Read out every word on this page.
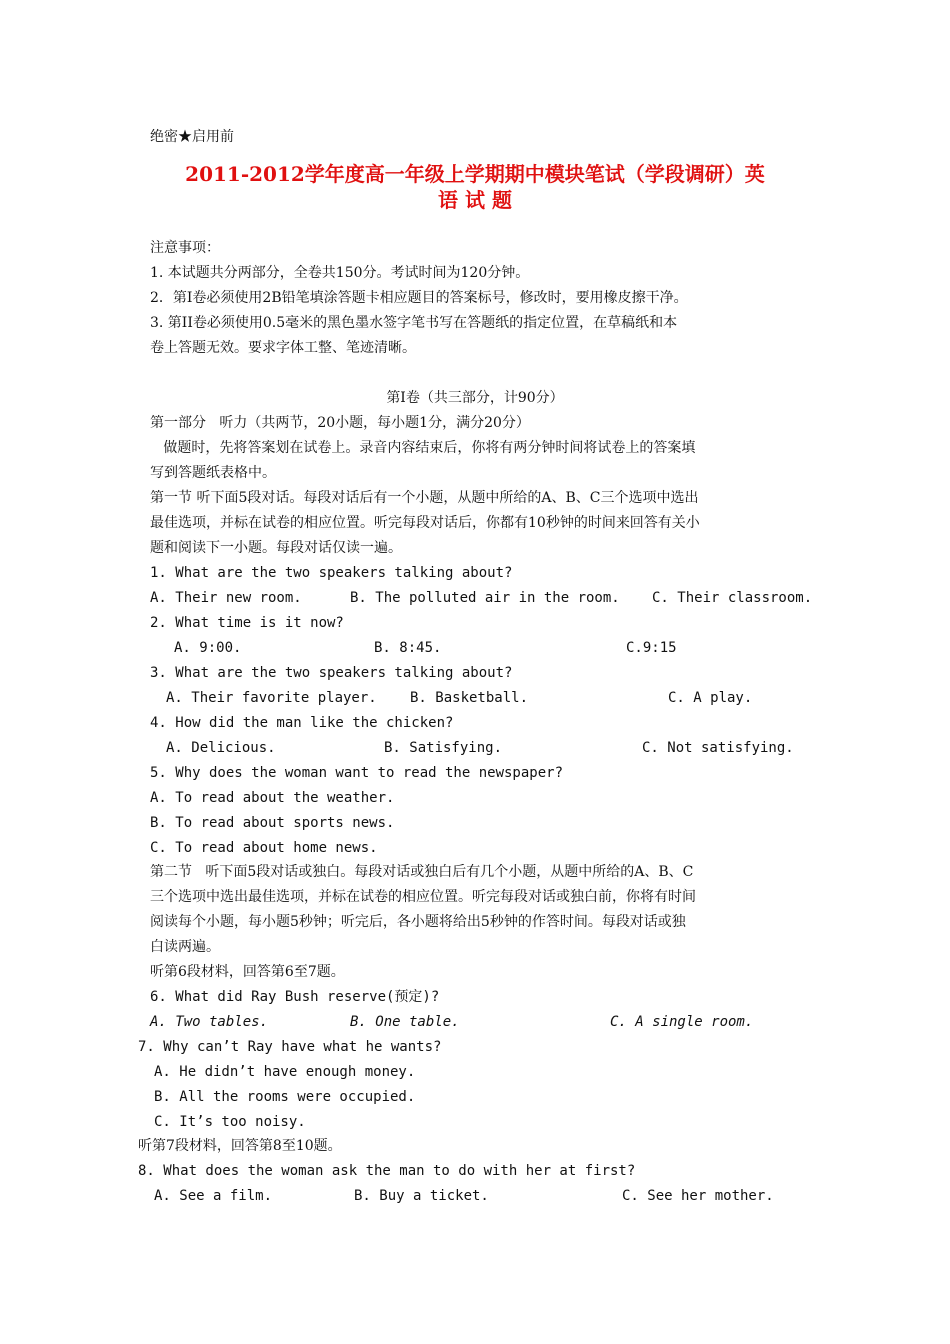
绝密★启用前
2011-2012学年度高一年级上学期期中模块笔试（学段调研）英
语 试 题
注意事项：
1. 本试题共分两部分，全卷共150分。考试时间为120分钟。
2．第Ⅰ卷必须使用2B铅笔填涂答题卡相应题目的答案标号，修改时，要用橡皮擦干净。
3. 第II卷必须使用0.5毫米的黑色墨水签字笔书写在答题纸的指定位置，在草稿纸和本
卷上答题无效。要求字体工整、笔迹清晰。
第Ⅰ卷（共三部分，计90分）
第一部分   听力（共两节，20小题，每小题1分，满分20分）
做题时，先将答案划在试卷上。录音内容结束后，你将有两分钟时间将试卷上的答案填
写到答题纸表格中。
第一节 听下面5段对话。每段对话后有一个小题，从题中所给的A、B、C三个选项中选出
最佳选项，并标在试卷的相应位置。听完每段对话后，你都有10秒钟的时间来回答有关小
题和阅读下一小题。每段对话仅读一遍。
1. What are the two speakers talking about?
A. Their new room.	B. The polluted air in the room. C. Their classroom.
2. What time is it now?
A. 9:00.	B. 8:45.	C.9:15
3. What are the two speakers talking about?
A. Their favorite player. B. Basketball.	C. A play.
4. How did the man like the chicken?
A. Delicious.	B. Satisfying.	C. Not satisfying.
5. Why does the woman want to read the newspaper?
A. To read about the weather.
B. To read about sports news.
C. To read about home news.
第二节   听下面5段对话或独白。每段对话或独白后有几个小题，从题中所给的A、B、C
三个选项中选出最佳选项，并标在试卷的相应位置。听完每段对话或独白前，你将有时间
阅读每个小题，每小题5秒钟；听完后，各小题将给出5秒钟的作答时间。每段对话或独
白读两遍。
听第6段材料，回答第6至7题。
6. What did Ray Bush reserve(预定)?
A. Two tables.	B. One table.	C. A single room.
7. Why can’t Ray have what he wants?
A. He didn’t have enough money.
B. All the rooms were occupied.
C. It’s too noisy.
听第7段材料，回答第8至10题。
8. What does the woman ask the man to do with her at first?
A. See a film.	B. Buy a ticket.	C. See her mother.
